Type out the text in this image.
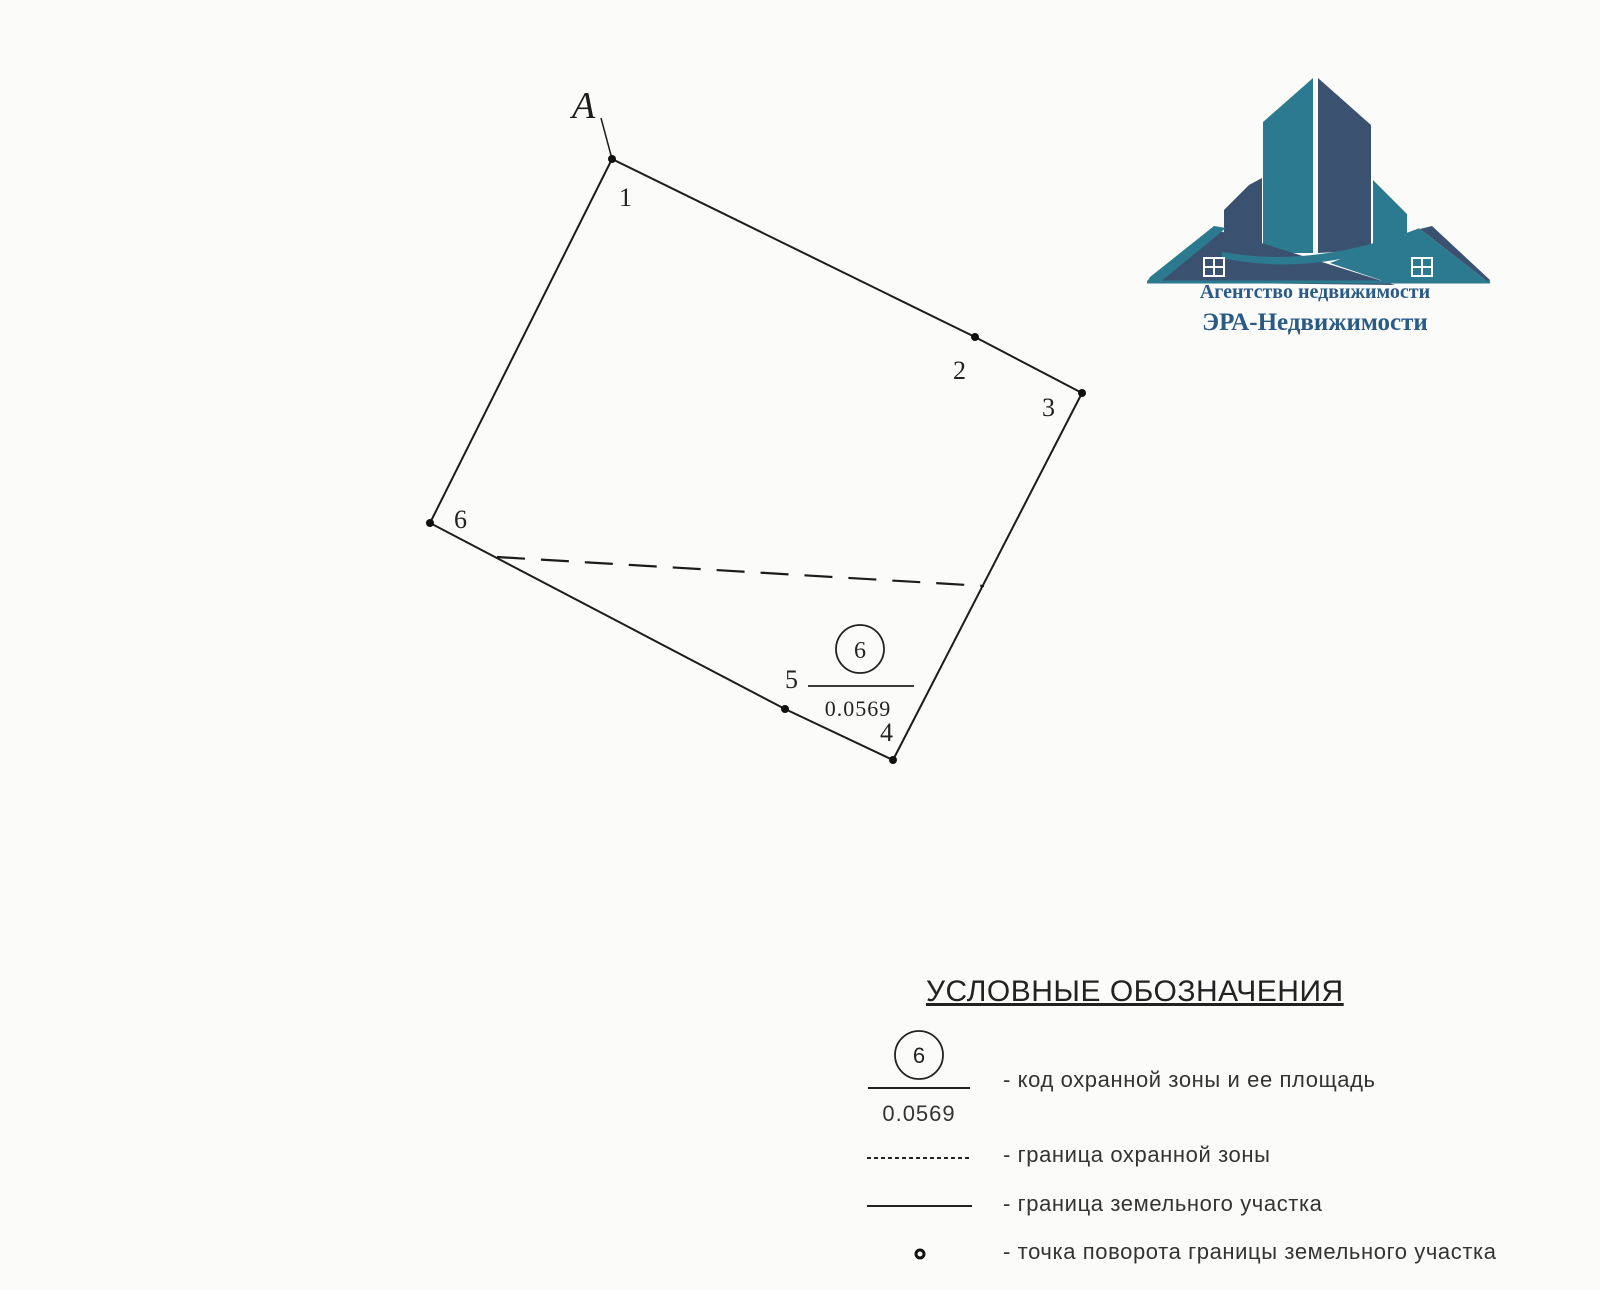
A
1
2
3
4
5
6
6
0.0569
6
0.0569
Агентство недвижимости
ЭРА-Недвижимости
УСЛОВНЫЕ ОБОЗНАЧЕНИЯ
- код охранной зоны и ее площадь
- граница охранной зоны
- граница земельного участка
- точка поворота границы земельного участка
